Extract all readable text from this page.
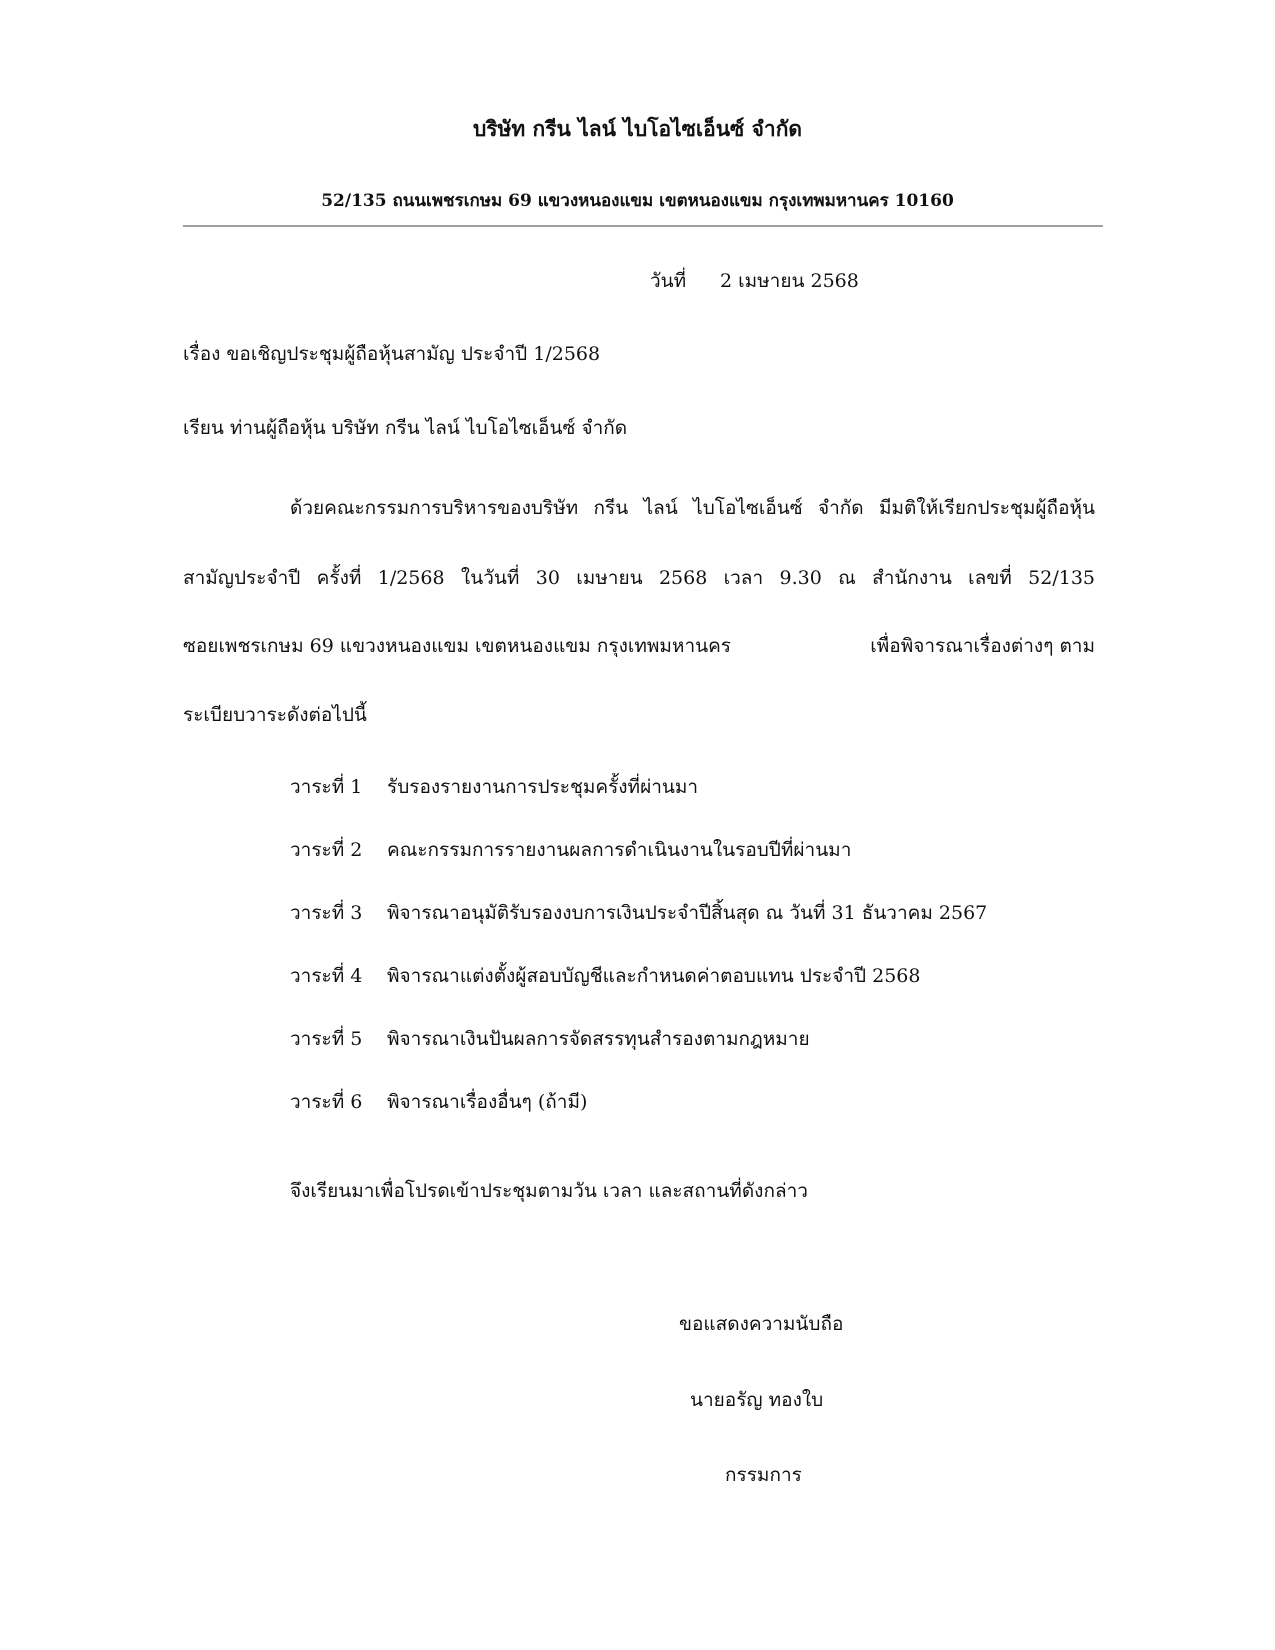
บริษัท กรีน ไลน์ ไบโอไซเอ็นซ์ จำกัด
52/135 ถนนเพชรเกษม 69 แขวงหนองแขม เขตหนองแขม กรุงเทพมหานคร 10160
วันที่ 2 เมษายน 2568
เรื่อง ขอเชิญประชุมผู้ถือหุ้นสามัญ ประจำปี 1/2568
เรียน ท่านผู้ถือหุ้น บริษัท กรีน ไลน์ ไบโอไซเอ็นซ์ จำกัด
ด้วยคณะกรรมการบริหารของบริษัท กรีน ไลน์ ไบโอไซเอ็นซ์ จำกัด มีมติให้เรียกประชุมผู้ถือหุ้น
สามัญประจำปี ครั้งที่ 1/2568 ในวันที่ 30 เมษายน 2568 เวลา 9.30 ณ สำนักงาน เลขที่ 52/135
ซอยเพชรเกษม 69 แขวงหนองแขม เขตหนองแขม กรุงเทพมหานคร	เพื่อพิจารณาเรื่องต่างๆ ตาม
ระเบียบวาระดังต่อไปนี้
วาระที่ 1 รับรองรายงานการประชุมครั้งที่ผ่านมา
วาระที่ 2 คณะกรรมการรายงานผลการดำเนินงานในรอบปีที่ผ่านมา
วาระที่ 3 พิจารณาอนุมัติรับรองงบการเงินประจำปีสิ้นสุด ณ วันที่ 31 ธันวาคม 2567
วาระที่ 4 พิจารณาแต่งตั้งผู้สอบบัญชีและกำหนดค่าตอบแทน ประจำปี 2568
วาระที่ 5 พิจารณาเงินปันผลการจัดสรรทุนสำรองตามกฎหมาย
วาระที่ 6 พิจารณาเรื่องอื่นๆ (ถ้ามี)
จึงเรียนมาเพื่อโปรดเข้าประชุมตามวัน เวลา และสถานที่ดังกล่าว
ขอแสดงความนับถือ
นายอรัญ ทองใบ
กรรมการ
